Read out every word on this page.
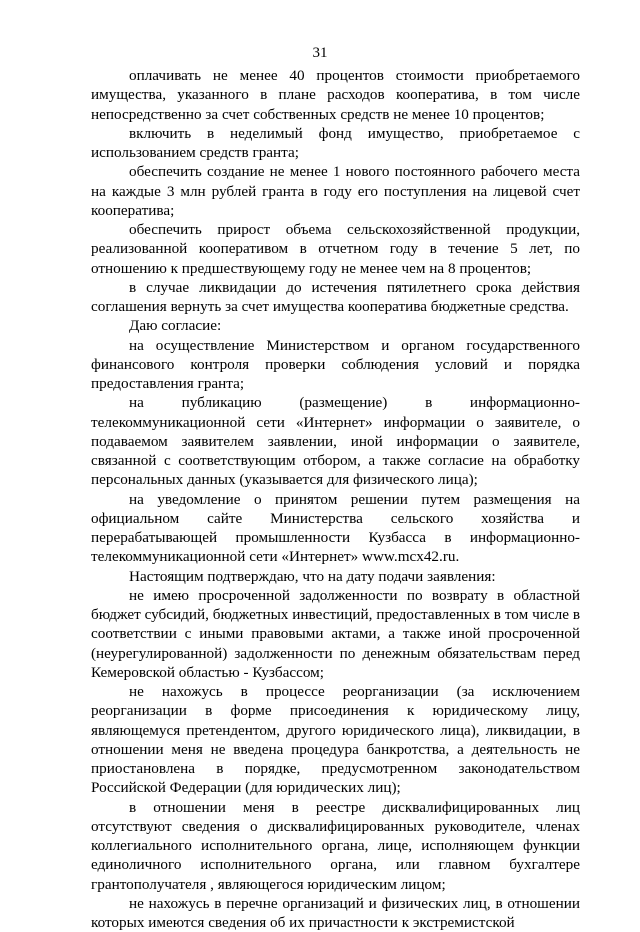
31

оплачивать не менее 40 процентов стоимости приобретаемого имущества, указанного в плане расходов кооператива, в том числе непосредственно за счет собственных средств не менее 10 процентов;

включить в неделимый фонд имущество, приобретаемое с использованием средств гранта;

обеспечить создание не менее 1 нового постоянного рабочего места на каждые 3 млн рублей гранта в году его поступления на лицевой счет кооператива;

обеспечить прирост объема сельскохозяйственной продукции, реализованной кооперативом в отчетном году в течение 5 лет, по отношению к предшествующему году не менее чем на 8 процентов;

в случае ликвидации до истечения пятилетнего срока действия соглашения вернуть за счет имущества кооператива бюджетные средства.

Даю согласие:

на осуществление Министерством и органом государственного финансового контроля проверки соблюдения условий и порядка предоставления гранта;

на публикацию (размещение) в информационно-телекоммуникационной сети «Интернет» информации о заявителе, о подаваемом заявителем заявлении, иной информации о заявителе, связанной с соответствующим отбором, а также согласие на обработку персональных данных (указывается для физического лица);

на уведомление о принятом решении путем размещения на официальном сайте Министерства сельского хозяйства и перерабатывающей промышленности Кузбасса в информационно-телекоммуникационной сети «Интернет» www.mcx42.ru.

Настоящим подтверждаю, что на дату подачи заявления:

не имею просроченной задолженности по возврату в областной бюджет субсидий, бюджетных инвестиций, предоставленных в том числе в соответствии с иными правовыми актами, а также иной просроченной (неурегулированной) задолженности по денежным обязательствам перед Кемеровской областью - Кузбассом;

не нахожусь в процессе реорганизации (за исключением реорганизации в форме присоединения к юридическому лицу, являющемуся претендентом, другого юридического лица), ликвидации, в отношении меня не введена процедура банкротства, а деятельность не приостановлена в порядке, предусмотренном законодательством Российской Федерации (для юридических лиц);

в отношении меня в реестре дисквалифицированных лиц отсутствуют сведения о дисквалифицированных руководителе, членах коллегиального исполнительного органа, лице, исполняющем функции единоличного исполнительного органа, или главном бухгалтере грантополучателя , являющегося юридическим лицом;

не нахожусь в перечне организаций и физических лиц, в отношении которых имеются сведения об их причастности к экстремистской
